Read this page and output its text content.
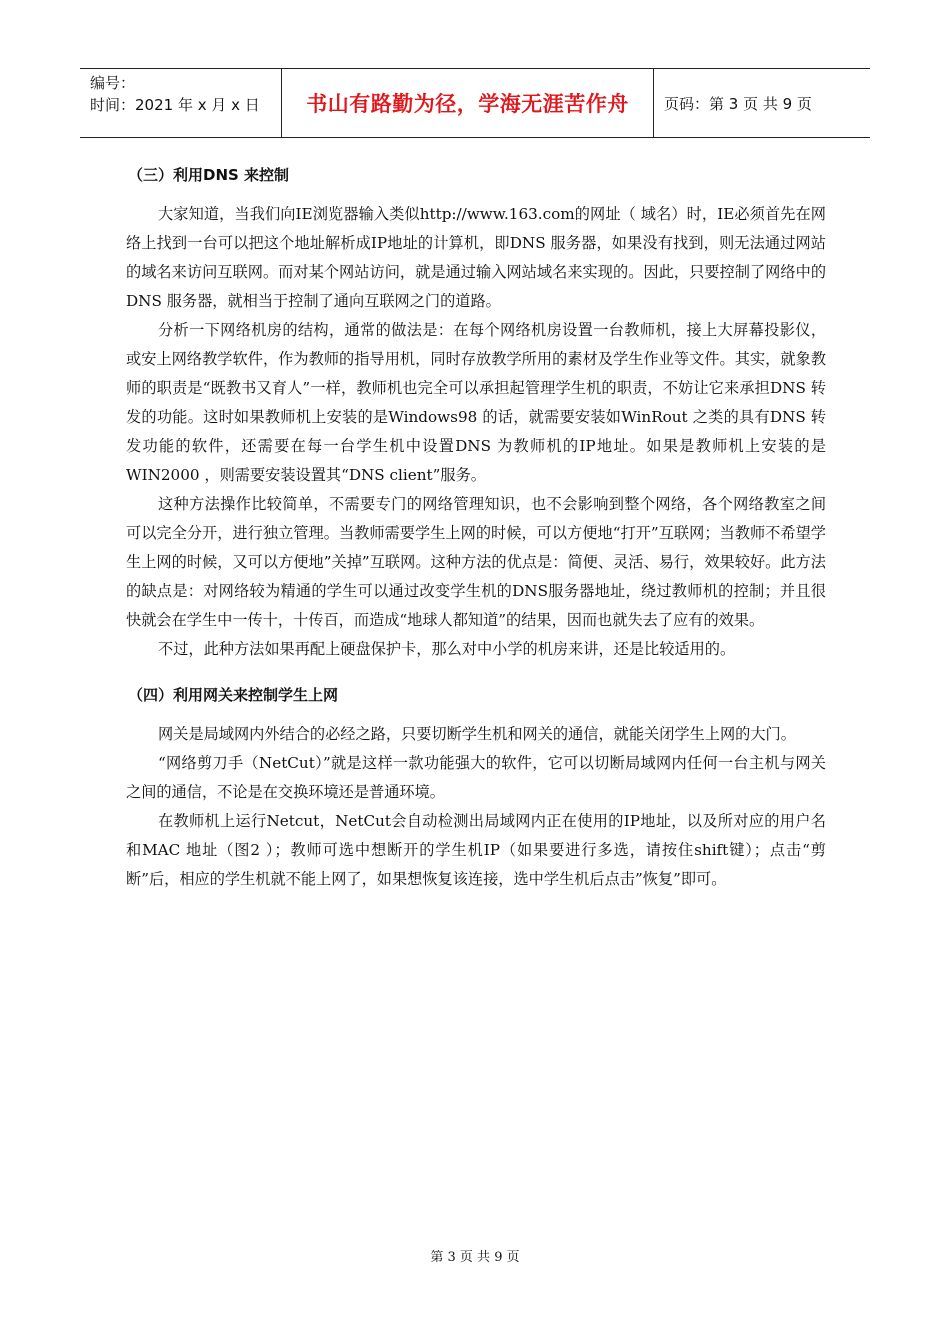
编号：
时间：2021 年 x 月 x 日	书山有路勤为径，学海无涯苦作舟	页码：第 3 页 共 9 页
（三）利用DNS 来控制

大家知道，当我们向IE浏览器输入类似http://www.163.com的网址（ 域名）时，IE必须首先在网络上找到一台可以把这个地址解析成IP地址的计算机，即DNS 服务器，如果没有找到，则无法通过网站的域名来访问互联网。而对某个网站访问，就是通过输入网站域名来实现的。因此，只要控制了网络中的DNS 服务器，就相当于控制了通向互联网之门的道路。

分析一下网络机房的结构，通常的做法是：在每个网络机房设置一台教师机，接上大屏幕投影仪，或安上网络教学软件，作为教师的指导用机，同时存放教学所用的素材及学生作业等文件。其实，就象教师的职责是“既教书又育人”一样，教师机也完全可以承担起管理学生机的职责，不妨让它来承担DNS 转发的功能。这时如果教师机上安装的是Windows98 的话，就需要安装如WinRout 之类的具有DNS 转发功能的软件，还需要在每一台学生机中设置DNS 为教师机的IP地址。如果是教师机上安装的是WIN2000 ，则需要安装设置其“DNS client”服务。

这种方法操作比较简单，不需要专门的网络管理知识，也不会影响到整个网络，各个网络教室之间可以完全分开，进行独立管理。当教师需要学生上网的时候，可以方便地“打开”互联网；当教师不希望学生上网的时候，又可以方便地”关掉”互联网。这种方法的优点是：简便、灵活、易行，效果较好。此方法的缺点是：对网络较为精通的学生可以通过改变学生机的DNS服务器地址，绕过教师机的控制；并且很快就会在学生中一传十，十传百，而造成“地球人都知道”的结果，因而也就失去了应有的效果。

不过，此种方法如果再配上硬盘保护卡，那么对中小学的机房来讲，还是比较适用的。

（四）利用网关来控制学生上网

网关是局域网内外结合的必经之路，只要切断学生机和网关的通信，就能关闭学生上网的大门。

“网络剪刀手（NetCut）”就是这样一款功能强大的软件，它可以切断局域网内任何一台主机与网关之间的通信，不论是在交换环境还是普通环境。

在教师机上运行Netcut，NetCut会自动检测出局域网内正在使用的IP地址，以及所对应的用户名和MAC 地址（图2 ）；教师可选中想断开的学生机IP（如果要进行多选，请按住shift键）；点击“剪断”后，相应的学生机就不能上网了，如果想恢复该连接，选中学生机后点击”恢复”即可。

第 3 页 共 9 页
